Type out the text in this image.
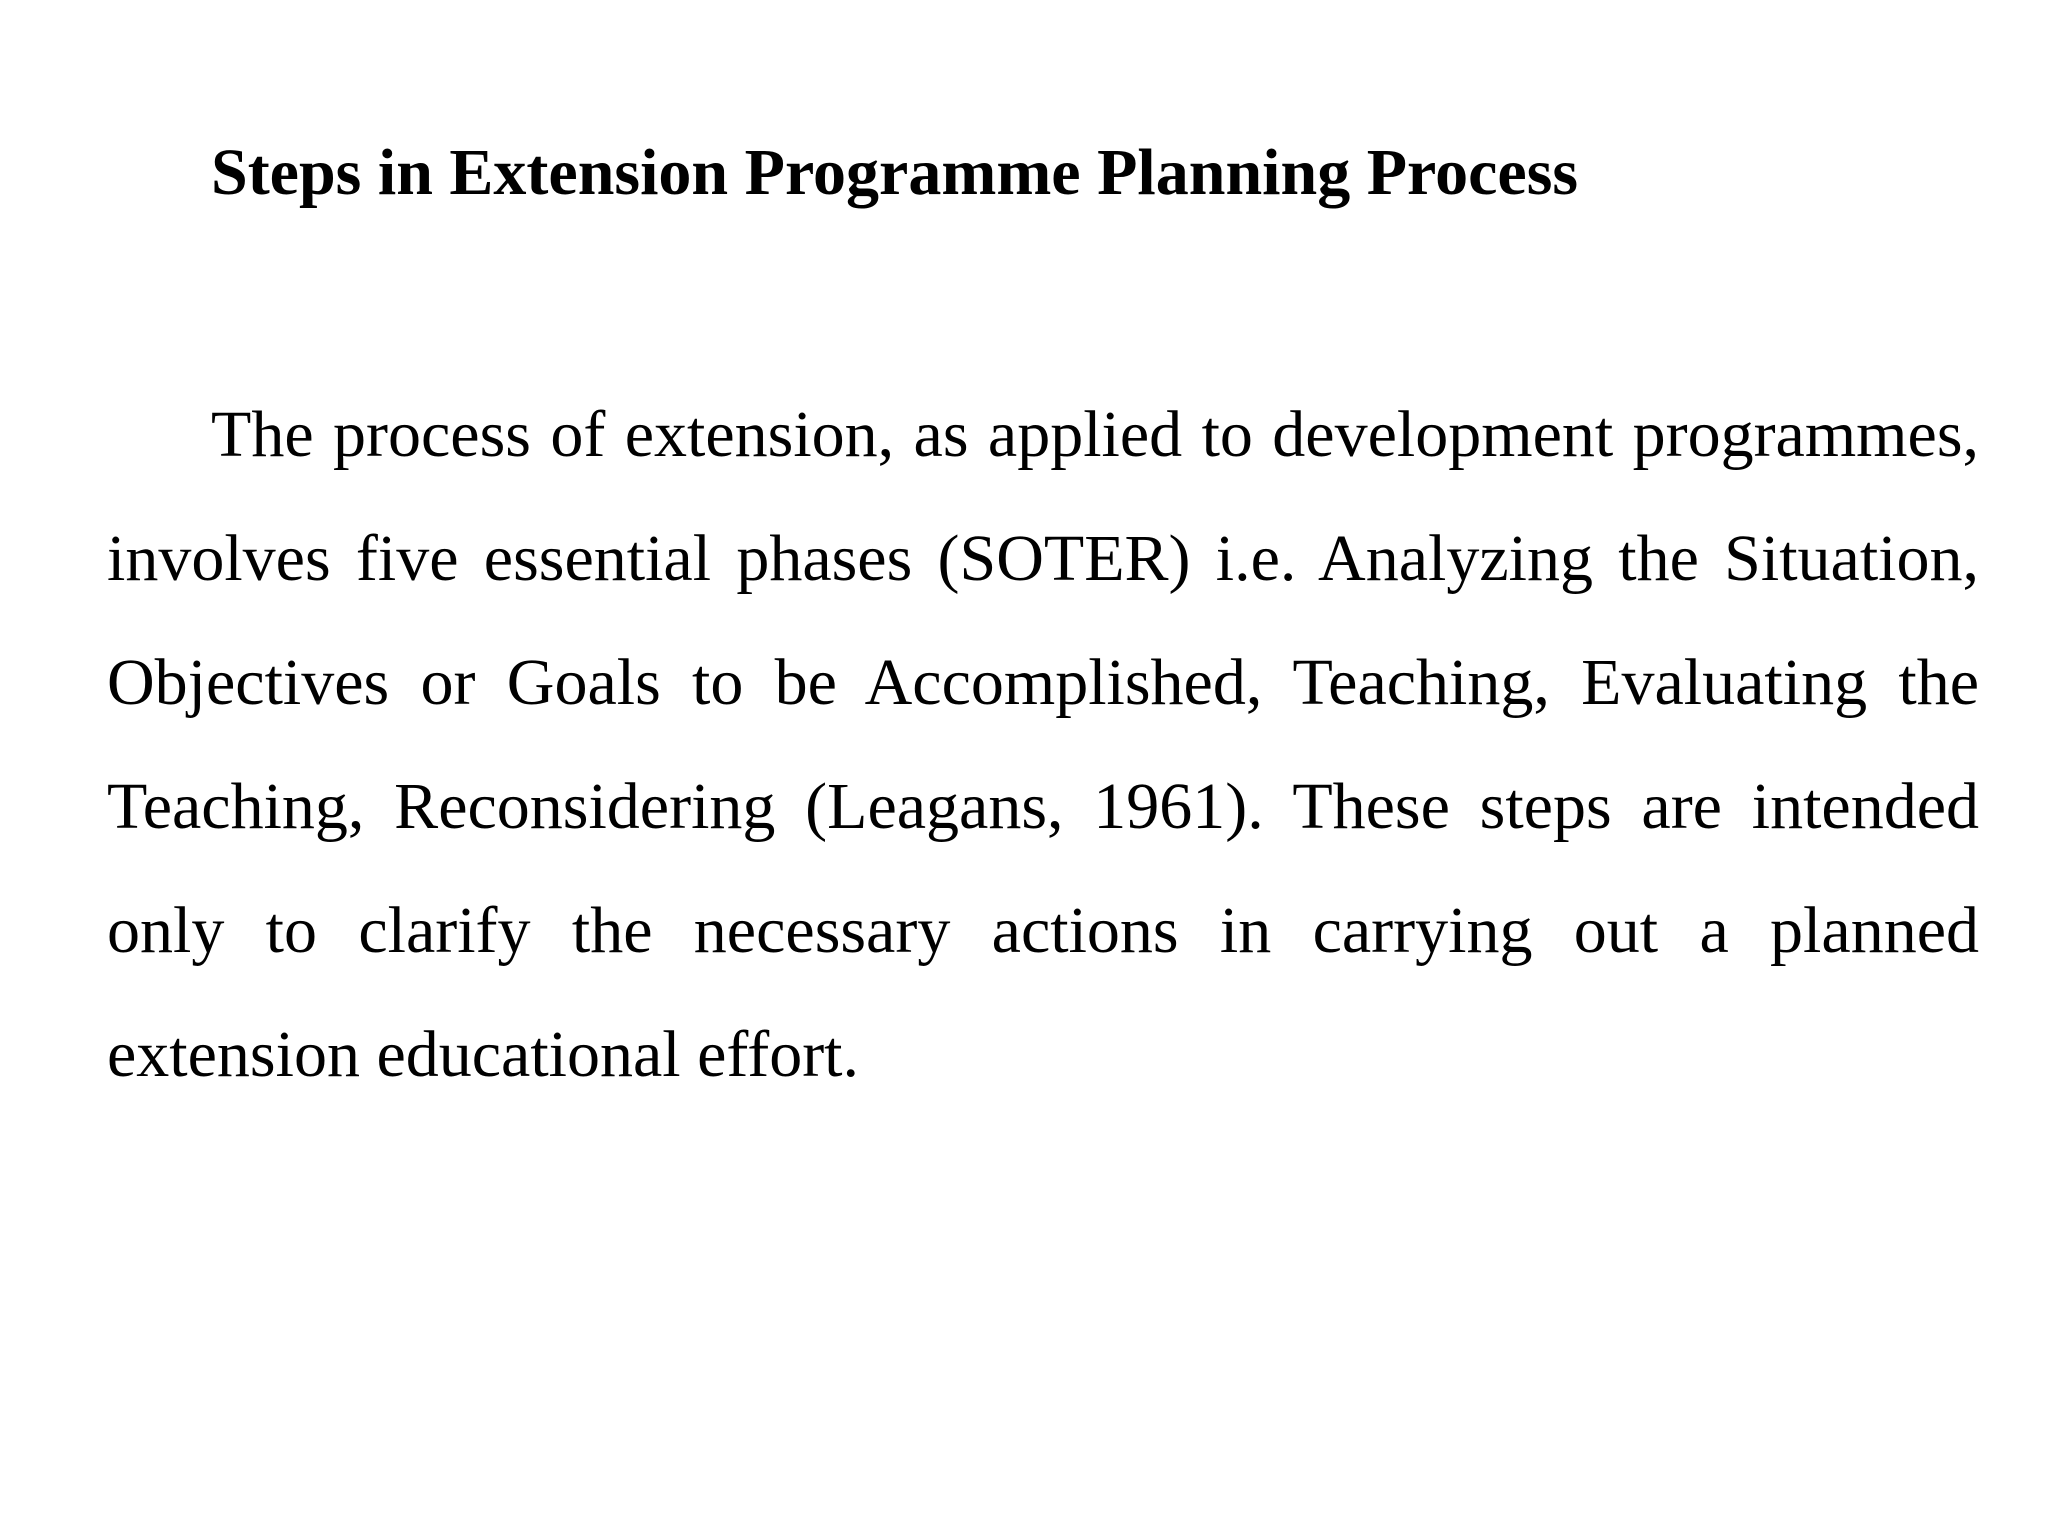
Steps in Extension Programme Planning Process

The process of extension, as applied to development programmes, involves five essential phases (SOTER) i.e. Analyzing the Situation, Objectives or Goals to be Accomplished, Teaching, Evaluating the Teaching, Reconsidering (Leagans, 1961). These steps are intended only to clarify the necessary actions in carrying out a planned extension educational effort.
